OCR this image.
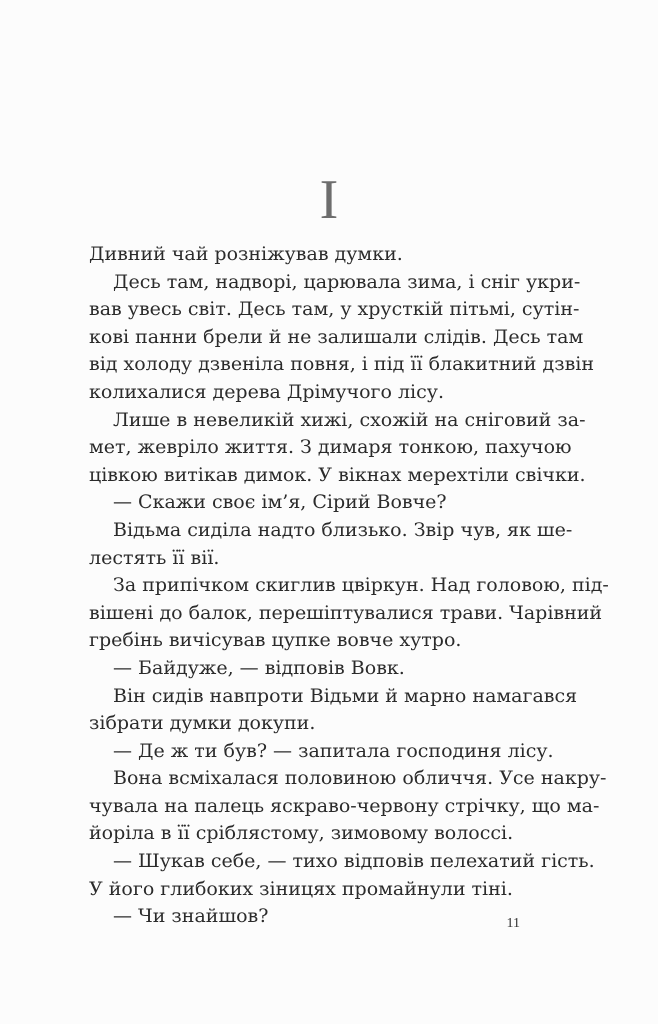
I
Дивний чай розніжував думки.
Десь там, надворі, царювала зима, і сніг укри-
вав увесь світ. Десь там, у хрусткій пітьмі, сутін-
кові панни брели й не залишали слідів. Десь там
від холоду дзвеніла повня, і під її блакитний дзвін
колихалися дерева Дрімучого лісу.
Лише в невеликій хижі, схожій на сніговий за-
мет, жевріло життя. З димаря тонкою, пахучою
цівкою витікав димок. У вікнах мерехтіли свічки.
— Скажи своє ім’я, Сірий Вовче?
Відьма сиділа надто близько. Звір чув, як ше-
лестять її вії.
За припічком скиглив цвіркун. Над головою, під-
вішені до балок, перешіптувалися трави. Чарівний
гребінь вичісував цупке вовче хутро.
— Байдуже, — відповів Вовк.
Він сидів навпроти Відьми й марно намагався
зібрати думки докупи.
— Де ж ти був? — запитала господиня лісу.
Вона всміхалася половиною обличчя. Усе накру-
чувала на палець яскраво-червону стрічку, що ма-
йоріла в її сріблястому, зимовому волоссі.
— Шукав себе, — тихо відповів пелехатий гість.
У його глибоких зіницях промайнули тіні.
— Чи знайшов?	11
